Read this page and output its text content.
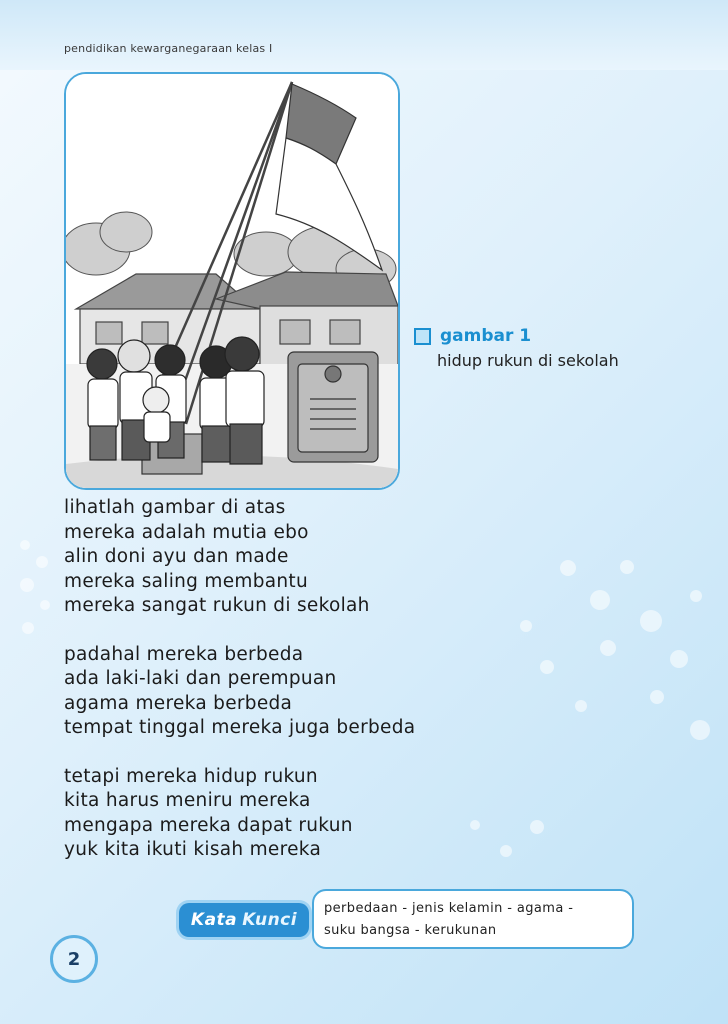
pendidikan kewarganegaraan kelas I
gambar 1
hidup rukun di sekolah
lihatlah gambar di atas
mereka adalah mutia ebo
alin doni ayu dan made
mereka saling membantu
mereka sangat rukun di sekolah
padahal mereka berbeda
ada laki-laki dan perempuan
agama mereka berbeda
tempat tinggal mereka juga berbeda
tetapi mereka hidup rukun
kita harus meniru mereka
mengapa mereka dapat rukun
yuk kita ikuti kisah mereka
Kata
Kunci
perbedaan - jenis kelamin - agama -
suku bangsa - kerukunan
2
